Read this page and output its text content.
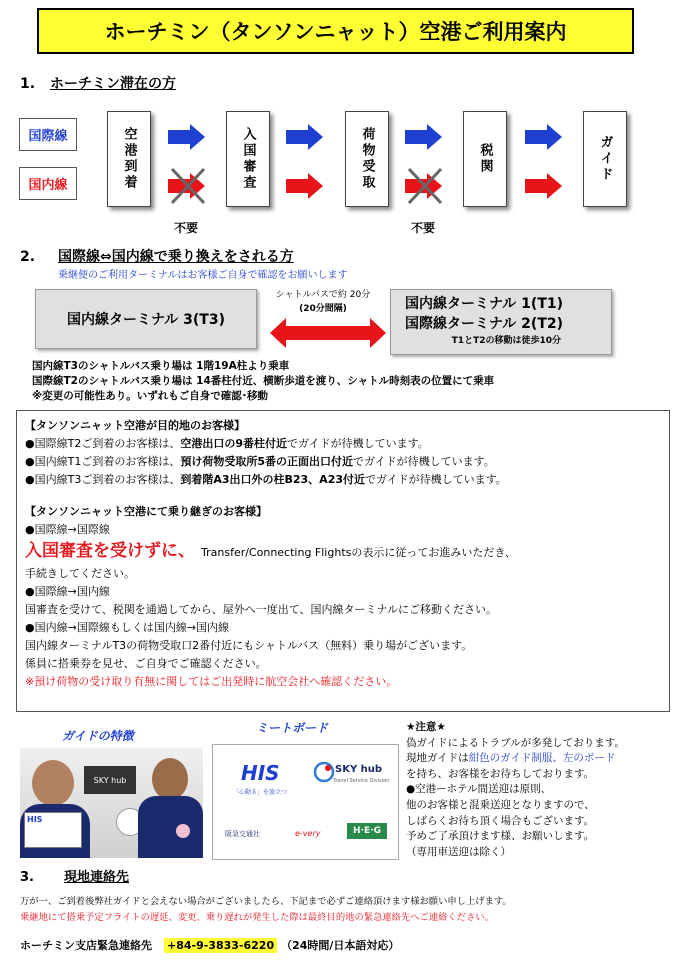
ホーチミン（タンソンニャット）空港ご利用案内
1. ホーチミン滞在の方
国際線
国内線	空港到着	入国審査	荷物受取	税関	ガイド
不要	不要
2. 国際線⇔国内線で乗り換えをされる方
乗継便のご利用ターミナルはお客様ご自身で確認をお願いします
国内線ターミナル 3(T3)
シャトルバスで約 20分
(20分間隔)	国内線ターミナル 1(T1)
国際線ターミナル 2(T2)
T1とT2の移動は徒歩10分
国内線T3のシャトルバス乗り場は 1階19A柱より乗車
国際線T2のシャトルバス乗り場は 14番柱付近、横断歩道を渡り、シャトル時刻表の位置にて乗車
※変更の可能性あり。いずれもご自身で確認･移動
【タンソンニャット空港が目的地のお客様】
●国際線T2ご到着のお客様は、空港出口の9番柱付近でガイドが待機しています。
●国内線T1ご到着のお客様は、預け荷物受取所5番の正面出口付近でガイドが待機しています。
●国内線T3ご到着のお客様は、到着階A3出口外の柱B23、A23付近でガイドが待機しています。
【タンソンニャット空港にて乗り継ぎのお客様】
●国際線→国際線
入国審査を受けずに、 Transfer/Connecting Flightsの表示に従ってお進みいただき、
手続きしてください。
●国際線→国内線
国審査を受けて、税関を通過してから、屋外へ一度出て、国内線ターミナルにご移動ください。
●国内線→国際線もしくは国内線→国内線
国内線ターミナルT3の荷物受取口2番付近にもシャトルバス（無料）乗り場がございます。
係員に搭乗券を見せ、ご自身でご確認ください。
※預け荷物の受け取り有無に関してはご出発時に航空会社へ確認ください。
ガイドの特徴
ミートボード
HIS
SKY hub	HIS
「心動る」を旅立つ
SKY hub
Travel Service Division
阪急交通社	e-very	H·E·G
★注意★
偽ガイドによるトラブルが多発しております。
現地ガイドは紺色のガイド制服、左のボード
を持ち、お客様をお待ちしております。
●空港ーホテル間送迎は原則、
他のお客様と混乗送迎となりますので、
しばらくお待ち頂く場合もございます。
予めご了承頂けます様、お願いします。
（専用車送迎は除く）
3. 現地連絡先
万が一、ご到着後弊社ガイドと会えない場合がございましたら、下記まで必ずご連絡頂けます様お願い申し上げます。
乗継地にて搭乗予定フライトの遅延、変更、乗り遅れが発生した際は最終目的地の緊急連絡先へご連絡ください。
ホーチミン支店緊急連絡先 +84-9-3833-6220 （24時間/日本語対応）
